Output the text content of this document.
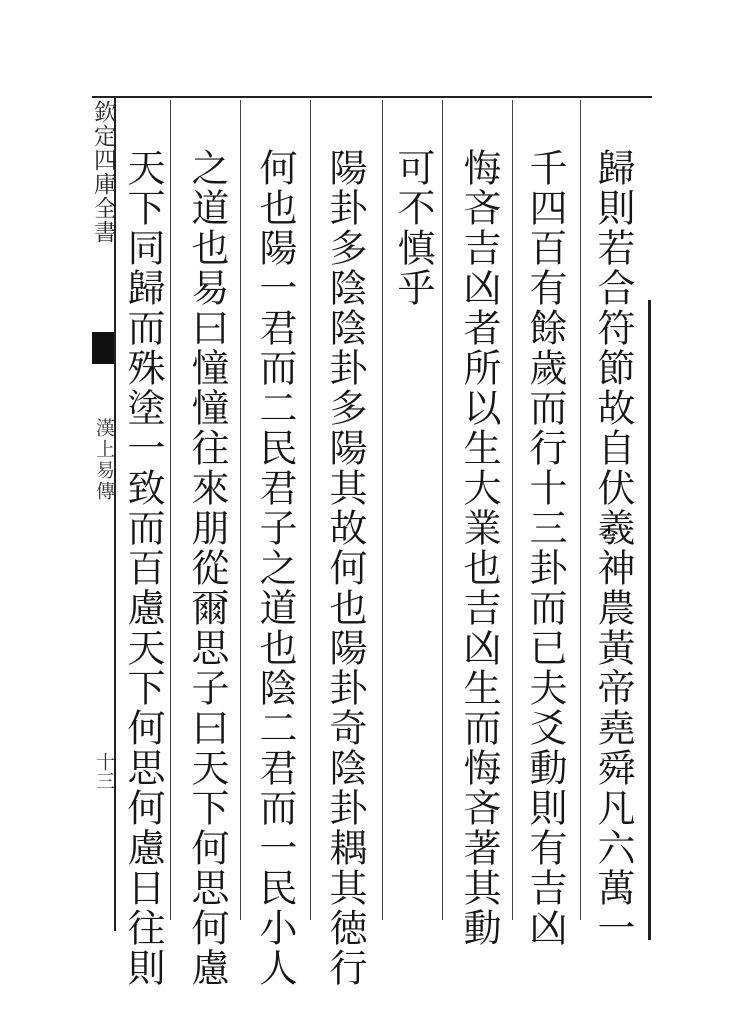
欽定四庫全書
漢上易傳
十三	歸則若合符節故自伏羲神農黃帝堯舜凡六萬一
千四百有餘歲而行十三卦而已夫爻動則有吉凶
悔吝吉凶者所以生大業也吉凶生而悔吝著其動
可不慎乎
陽卦多陰陰卦多陽其故何也陽卦奇陰卦耦其徳行
何也陽一君而二民君子之道也陰二君而一民小人
之道也易曰憧憧往來朋從爾思子曰天下何思何慮
天下同歸而殊塗一致而百慮天下何思何慮日往則
